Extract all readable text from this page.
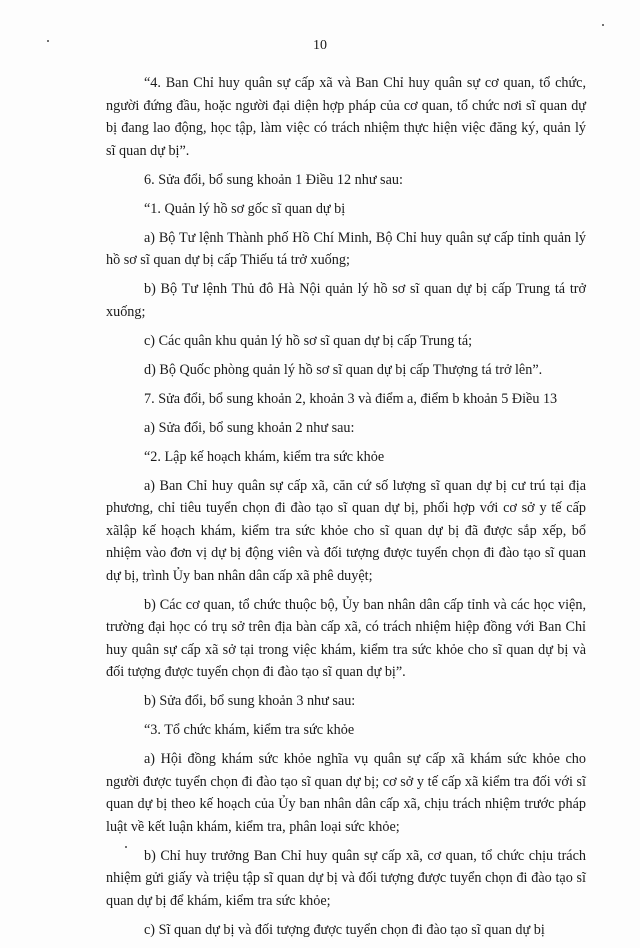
10

“4. Ban Chỉ huy quân sự cấp xã và Ban Chỉ huy quân sự cơ quan, tổ chức, người đứng đầu, hoặc người đại diện hợp pháp của cơ quan, tổ chức nơi sĩ quan dự bị đang lao động, học tập, làm việc có trách nhiệm thực hiện việc đăng ký, quản lý sĩ quan dự bị”.

6. Sửa đổi, bổ sung khoản 1 Điều 12 như sau:

“1. Quản lý hồ sơ gốc sĩ quan dự bị

a) Bộ Tư lệnh Thành phố Hồ Chí Minh, Bộ Chỉ huy quân sự cấp tỉnh quản lý hồ sơ sĩ quan dự bị cấp Thiếu tá trở xuống;

b) Bộ Tư lệnh Thủ đô Hà Nội quản lý hồ sơ sĩ quan dự bị cấp Trung tá trở xuống;

c) Các quân khu quản lý hồ sơ sĩ quan dự bị cấp Trung tá;

d) Bộ Quốc phòng quản lý hồ sơ sĩ quan dự bị cấp Thượng tá trở lên”.

7. Sửa đổi, bổ sung khoản 2, khoản 3 và điểm a, điểm b khoản 5 Điều 13

a) Sửa đổi, bổ sung khoản 2 như sau:

“2. Lập kế hoạch khám, kiểm tra sức khỏe

a) Ban Chỉ huy quân sự cấp xã, căn cứ số lượng sĩ quan dự bị cư trú tại địa phương, chỉ tiêu tuyển chọn đi đào tạo sĩ quan dự bị, phối hợp với cơ sở y tế cấp xãlập kế hoạch khám, kiểm tra sức khỏe cho sĩ quan dự bị đã được sắp xếp, bổ nhiệm vào đơn vị dự bị động viên và đối tượng được tuyển chọn đi đào tạo sĩ quan dự bị, trình Ủy ban nhân dân cấp xã phê duyệt;

b) Các cơ quan, tổ chức thuộc bộ, Ủy ban nhân dân cấp tỉnh và các học viện, trường đại học có trụ sở trên địa bàn cấp xã, có trách nhiệm hiệp đồng với Ban Chỉ huy quân sự cấp xã sở tại trong việc khám, kiểm tra sức khỏe cho sĩ quan dự bị và đối tượng được tuyển chọn đi đào tạo sĩ quan dự bị”.

b) Sửa đổi, bổ sung khoản 3 như sau:

“3. Tổ chức khám, kiểm tra sức khỏe

a) Hội đồng khám sức khỏe nghĩa vụ quân sự cấp xã khám sức khỏe cho người được tuyển chọn đi đào tạo sĩ quan dự bị; cơ sở y tế cấp xã kiểm tra đối với sĩ quan dự bị theo kế hoạch của Ủy ban nhân dân cấp xã, chịu trách nhiệm trước pháp luật về kết luận khám, kiểm tra, phân loại sức khỏe;

b) Chỉ huy trưởng Ban Chỉ huy quân sự cấp xã, cơ quan, tổ chức chịu trách nhiệm gửi giấy và triệu tập sĩ quan dự bị và đối tượng được tuyển chọn đi đào tạo sĩ quan dự bị để khám, kiểm tra sức khỏe;

c) Sĩ quan dự bị và đối tượng được tuyển chọn đi đào tạo sĩ quan dự bị
